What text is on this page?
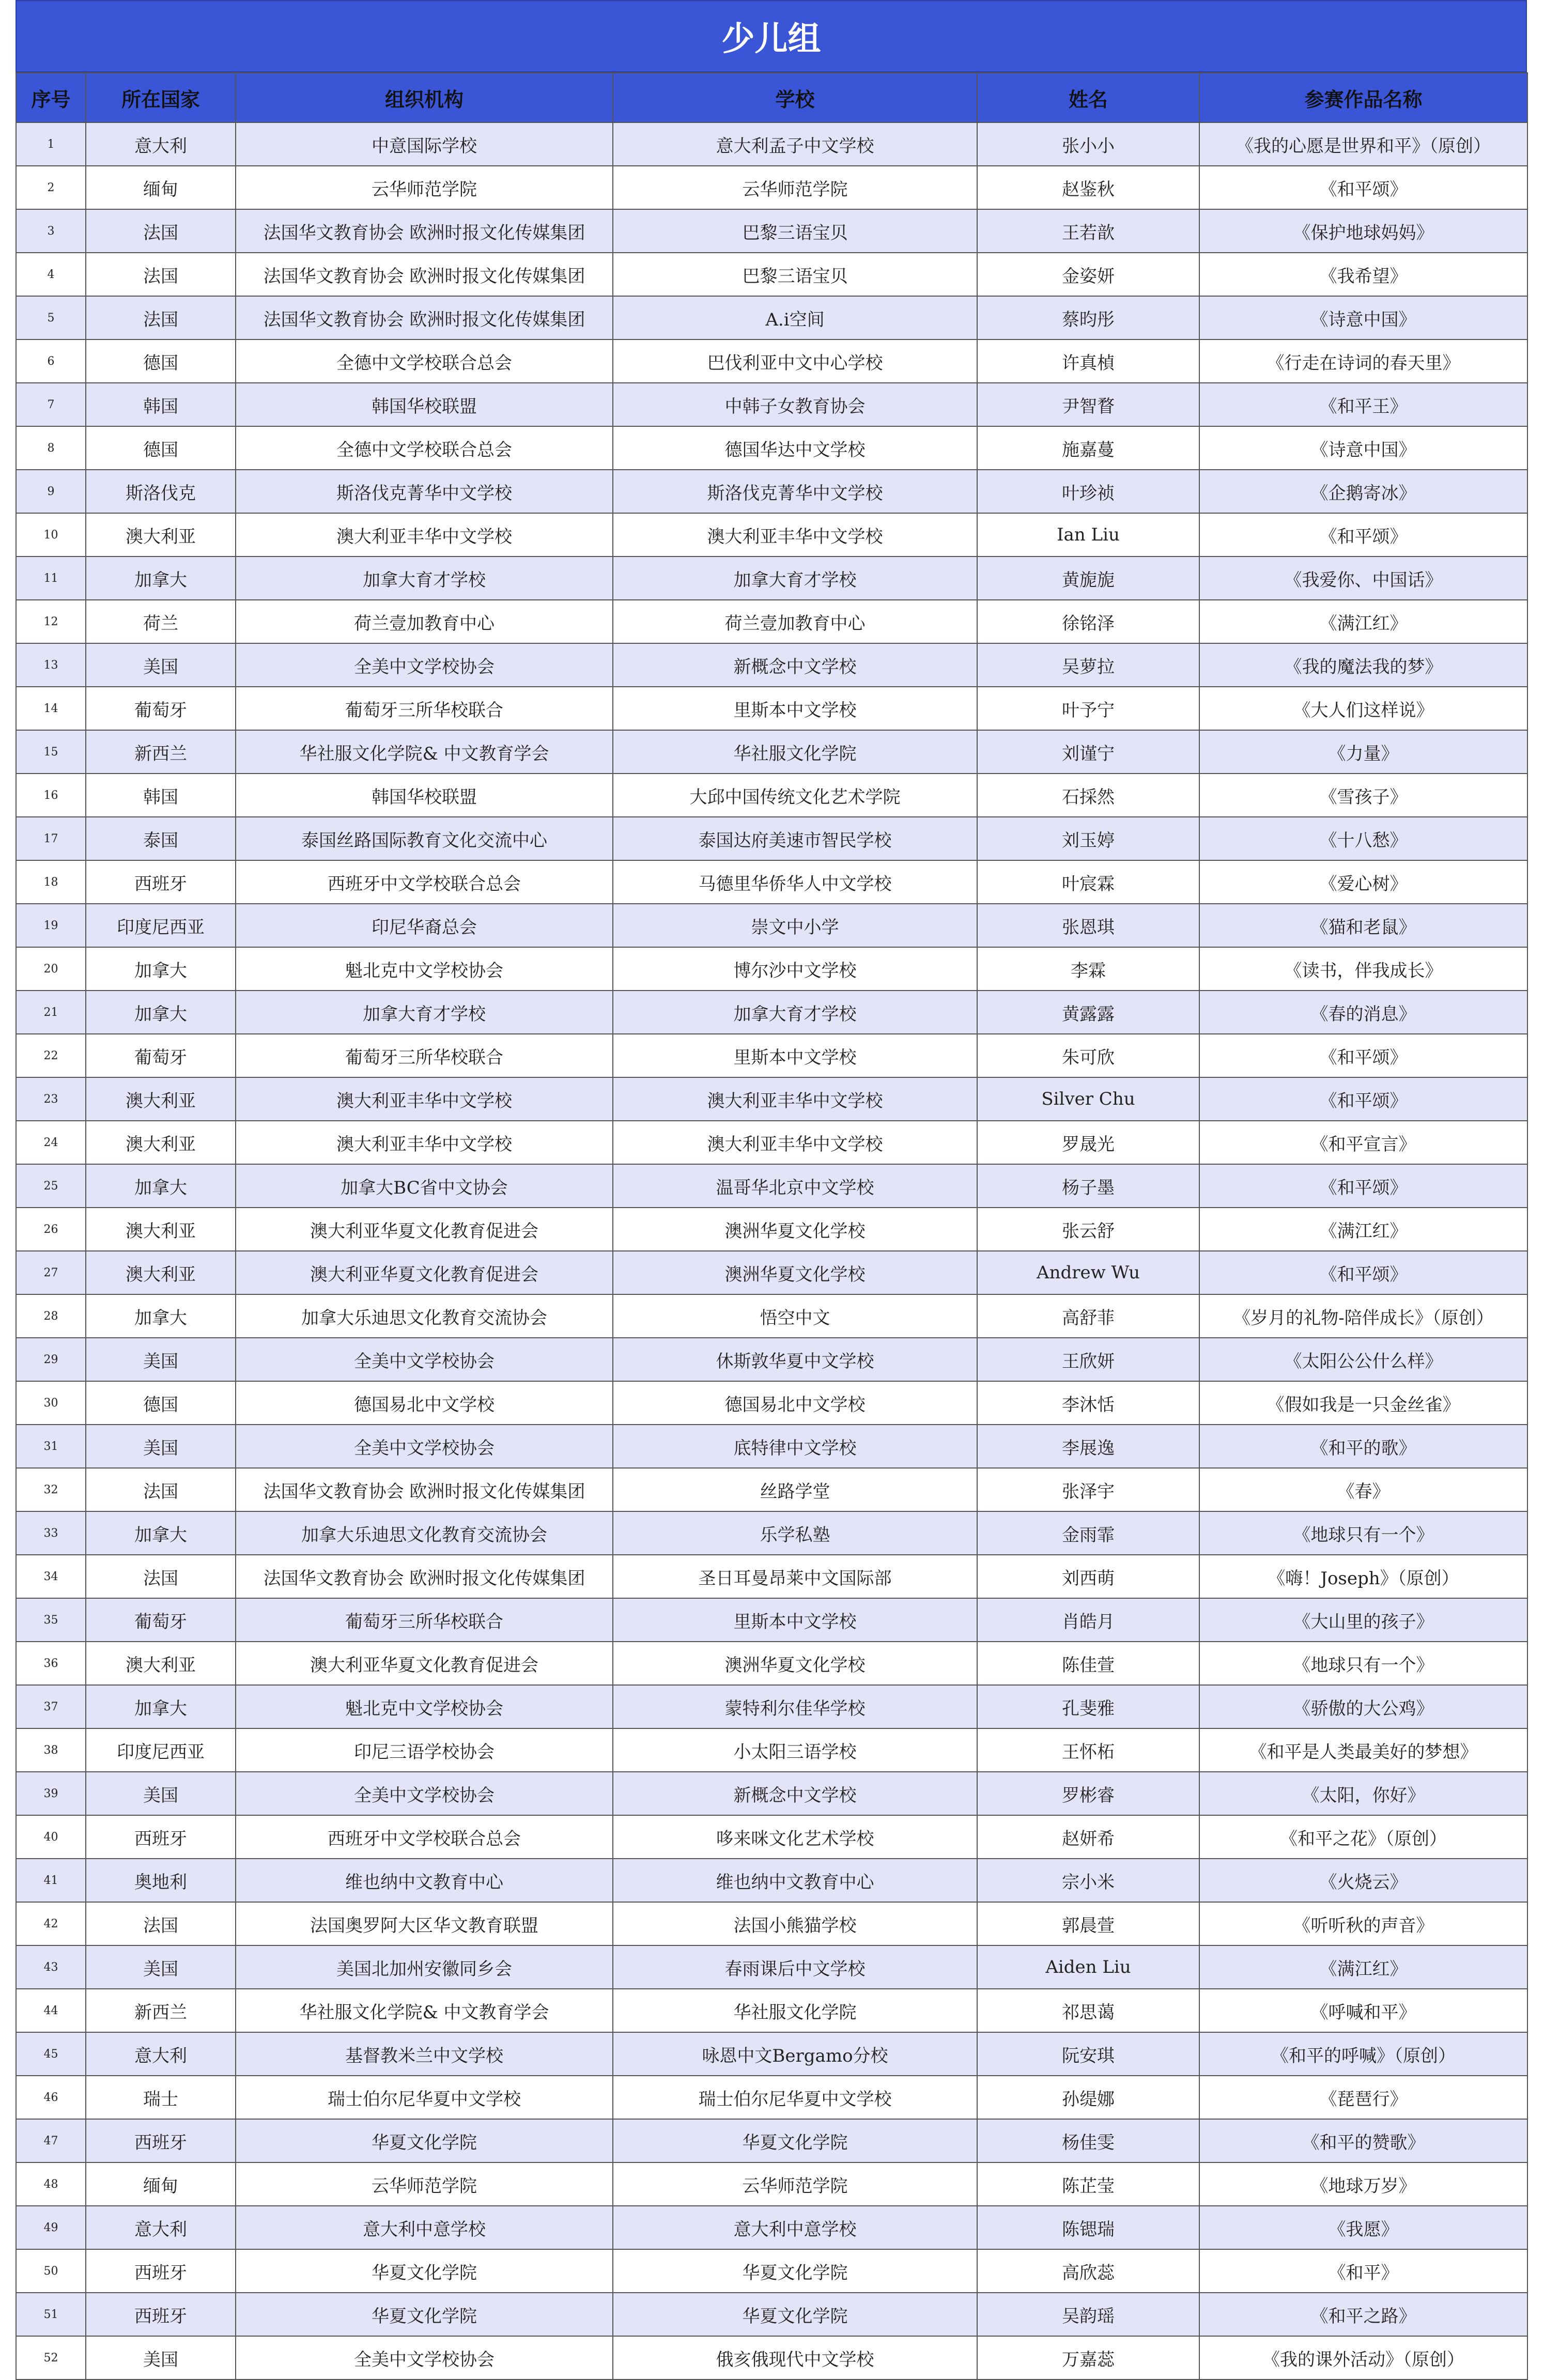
少儿组
序号	所在国家	组织机构	学校	姓名	参赛作品名称
1	意大利	中意国际学校	意大利孟子中文学校	张小小	《我的心愿是世界和平》（原创）
2	缅甸	云华师范学院	云华师范学院	赵鉴秋	《和平颂》
3	法国	法国华文教育协会 欧洲时报文化传媒集团	巴黎三语宝贝	王若歆	《保护地球妈妈》
4	法国	法国华文教育协会 欧洲时报文化传媒集团	巴黎三语宝贝	金姿妍	《我希望》
5	法国	法国华文教育协会 欧洲时报文化传媒集团	A.i空间	蔡昀彤	《诗意中国》
6	德国	全德中文学校联合总会	巴伐利亚中文中心学校	许真楨	《行走在诗词的春天里》
7	韩国	韩国华校联盟	中韩子女教育协会	尹智瞀	《和平王》
8	德国	全德中文学校联合总会	德国华达中文学校	施嘉蔓	《诗意中国》
9	斯洛伐克	斯洛伐克菁华中文学校	斯洛伐克菁华中文学校	叶珍祯	《企鹅寄冰》
10	澳大利亚	澳大利亚丰华中文学校	澳大利亚丰华中文学校	Ian Liu	《和平颂》
11	加拿大	加拿大育才学校	加拿大育才学校	黄旎旎	《我爱你、中国话》
12	荷兰	荷兰壹加教育中心	荷兰壹加教育中心	徐铭泽	《满江红》
13	美国	全美中文学校协会	新概念中文学校	吴萝拉	《我的魔法我的梦》
14	葡萄牙	葡萄牙三所华校联合	里斯本中文学校	叶予宁	《大人们这样说》
15	新西兰	华社服文化学院& 中文教育学会	华社服文化学院	刘谨宁	《力量》
16	韩国	韩国华校联盟	大邱中国传统文化艺术学院	石採然	《雪孩子》
17	泰国	泰国丝路国际教育文化交流中心	泰国达府美速市智民学校	刘玉婷	《十八愁》
18	西班牙	西班牙中文学校联合总会	马德里华侨华人中文学校	叶宸霖	《爱心树》
19	印度尼西亚	印尼华裔总会	崇文中小学	张恩琪	《猫和老鼠》
20	加拿大	魁北克中文学校协会	博尔沙中文学校	李霖	《读书，伴我成长》
21	加拿大	加拿大育才学校	加拿大育才学校	黄露露	《春的消息》
22	葡萄牙	葡萄牙三所华校联合	里斯本中文学校	朱可欣	《和平颂》
23	澳大利亚	澳大利亚丰华中文学校	澳大利亚丰华中文学校	Silver Chu	《和平颂》
24	澳大利亚	澳大利亚丰华中文学校	澳大利亚丰华中文学校	罗晟光	《和平宣言》
25	加拿大	加拿大BC省中文协会	温哥华北京中文学校	杨子墨	《和平颂》
26	澳大利亚	澳大利亚华夏文化教育促进会	澳洲华夏文化学校	张云舒	《满江红》
27	澳大利亚	澳大利亚华夏文化教育促进会	澳洲华夏文化学校	Andrew Wu	《和平颂》
28	加拿大	加拿大乐迪思文化教育交流协会	悟空中文	高舒菲	《岁月的礼物-陪伴成长》（原创）
29	美国	全美中文学校协会	休斯敦华夏中文学校	王欣妍	《太阳公公什么样》
30	德国	德国易北中文学校	德国易北中文学校	李沐恬	《假如我是一只金丝雀》
31	美国	全美中文学校协会	底特律中文学校	李展逸	《和平的歌》
32	法国	法国华文教育协会 欧洲时报文化传媒集团	丝路学堂	张泽宇	《春》
33	加拿大	加拿大乐迪思文化教育交流协会	乐学私塾	金雨霏	《地球只有一个》
34	法国	法国华文教育协会 欧洲时报文化传媒集团	圣日耳曼昂莱中文国际部	刘西萌	《嗨！Joseph》（原创）
35	葡萄牙	葡萄牙三所华校联合	里斯本中文学校	肖皓月	《大山里的孩子》
36	澳大利亚	澳大利亚华夏文化教育促进会	澳洲华夏文化学校	陈佳萱	《地球只有一个》
37	加拿大	魁北克中文学校协会	蒙特利尔佳华学校	孔斐雅	《骄傲的大公鸡》
38	印度尼西亚	印尼三语学校协会	小太阳三语学校	王怀柘	《和平是人类最美好的梦想》
39	美国	全美中文学校协会	新概念中文学校	罗彬睿	《太阳，你好》
40	西班牙	西班牙中文学校联合总会	哆来咪文化艺术学校	赵妍希	《和平之花》（原创）
41	奥地利	维也纳中文教育中心	维也纳中文教育中心	宗小米	《火烧云》
42	法国	法国奥罗阿大区华文教育联盟	法国小熊猫学校	郭晨萱	《听听秋的声音》
43	美国	美国北加州安徽同乡会	春雨课后中文学校	Aiden Liu	《满江红》
44	新西兰	华社服文化学院& 中文教育学会	华社服文化学院	祁思蔼	《呼喊和平》
45	意大利	基督教米兰中文学校	咏恩中文Bergamo分校	阮安琪	《和平的呼喊》（原创）
46	瑞士	瑞士伯尔尼华夏中文学校	瑞士伯尔尼华夏中文学校	孙缇娜	《琵琶行》
47	西班牙	华夏文化学院	华夏文化学院	杨佳雯	《和平的赞歌》
48	缅甸	云华师范学院	云华师范学院	陈芷莹	《地球万岁》
49	意大利	意大利中意学校	意大利中意学校	陈锶瑞	《我愿》
50	西班牙	华夏文化学院	华夏文化学院	高欣蕊	《和平》
51	西班牙	华夏文化学院	华夏文化学院	吴韵瑶	《和平之路》
52	美国	全美中文学校协会	俄亥俄现代中文学校	万嘉蕊	《我的课外活动》（原创）
